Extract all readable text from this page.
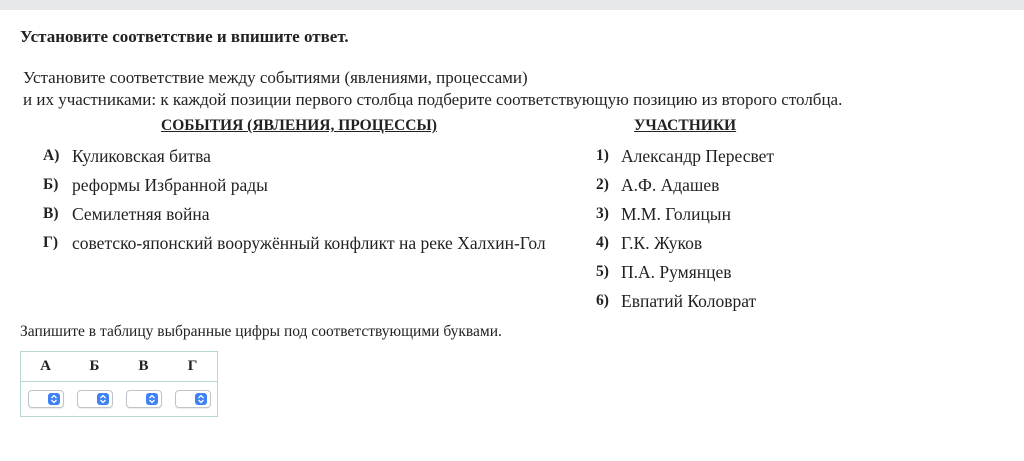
Установите соответствие и впишите ответ.
Установите соответствие между событиями (явлениями, процессами)
и их участниками: к каждой позиции первого столбца подберите соответствующую позицию из второго столбца.
СОБЫТИЯ (ЯВЛЕНИЯ, ПРОЦЕССЫ)	УЧАСТНИКИ
А) Куликовская битва
Б) реформы Избранной рады
В) Семилетняя война
Г) советско-японский вооружённый конфликт на реке Халхин-Гол
1) Александр Пересвет
2) А.Ф. Адашев
3) М.М. Голицын
4) Г.К. Жуков
5) П.А. Румянцев
6) Евпатий Коловрат
Запишите в таблицу выбранные цифры под соответствующими буквами.
А	Б	В	Г
